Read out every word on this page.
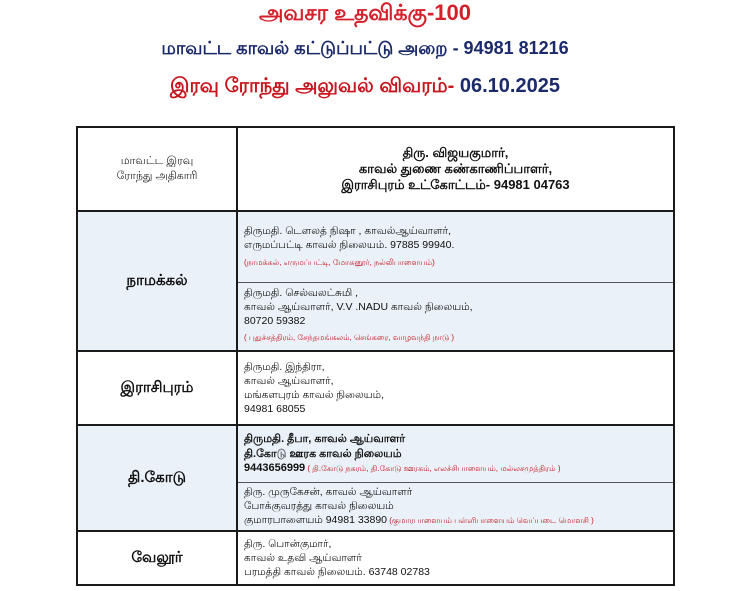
அவசர உதவிக்கு-100
மாவட்ட காவல் கட்டுப்பட்டு அறை - 94981 81216
இரவு ரோந்து அலுவல் விவரம்- 06.10.2025
மாவட்ட இரவு
ரோந்து அதிகாரி
திரு. விஜயகுமார்,
காவல் துணை கண்காணிப்பாளர்,
இராசிபுரம் உட்கோட்டம்- 94981 04763
நாமக்கல்
திருமதி. டௌலத் நிஷா , காவல்ஆய்வாளர்,
எருமப்பட்டி காவல் நிலையம். 97885 99940.
(நாமக்கல், எருமப்பட்டி, மோகனூர், நல்லிபாளையம்)
திருமதி. செல்வலட்சுமி ,
காவல் ஆய்வாளர், V.V .NADU காவல் நிலையம்,
80720 59382
( புதுச்சத்திரம், சேந்தமங்கலம், செங்கரை, வாழவந்தி நாடு )
இராசிபுரம்
திருமதி. இந்திரா,
காவல் ஆய்வாளர்,
மங்களபுரம் காவல் நிலையம்,
94981 68055
தி.கோடு
திருமதி. தீபா, காவல் ஆய்வாளர்
தி.கோடு ஊரக காவல் நிலையம்
9443656999 ( தி.கோடு நகரம், தி.கோடு ஊரகம், எலச்சிபாளையம், மல்லசமுத்திரம் )
திரு. முருகேசன், காவல் ஆய்வாளர்
போக்குவரத்து காவல் நிலையம்
குமாரபாளையம் 94981 33890 (குமாரபாளையம் பள்ளிபாளையம் வெப்படை மொளசி )
வேலூர்
திரு. பொன்குமார்,
காவல் உதவி ஆய்வாளர்
பரமத்தி காவல் நிலையம். 63748 02783
